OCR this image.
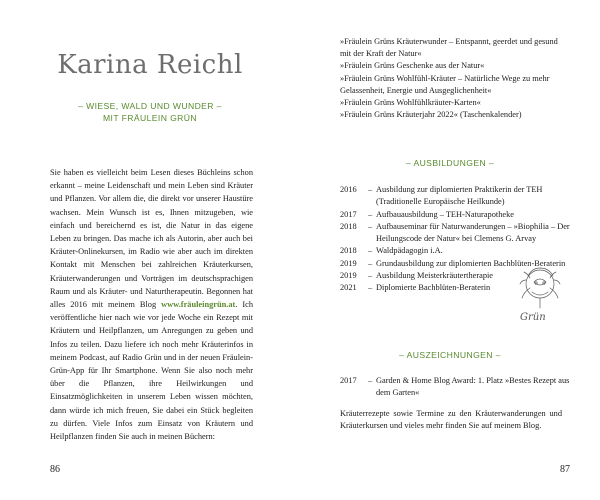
Karina Reichl
– WIESE, WALD UND WUNDER –
MIT FRÄULEIN GRÜN

Sie haben es vielleicht beim Lesen dieses Büchleins schon erkannt – meine Leidenschaft und mein Leben sind Kräuter und Pflanzen. Vor allem die, die direkt vor unserer Haustüre wachsen. Mein Wunsch ist es, Ihnen mitzugeben, wie einfach und bereichernd es ist, die Natur in das eigene Leben zu bringen. Das mache ich als Autorin, aber auch bei Kräuter-Onlinekursen, im Radio wie aber auch im direkten Kontakt mit Menschen bei zahlreichen Kräuterkursen, Kräuterwanderungen und Vorträgen im deutschsprachigen Raum und als Kräuter- und Naturtherapeutin. Begonnen hat alles 2016 mit meinem Blog www.fräuleingrün.at. Ich veröffentliche hier nach wie vor jede Woche ein Rezept mit Kräutern und Heilpflanzen, um Anregungen zu geben und Infos zu teilen. Dazu liefere ich noch mehr Kräuterinfos in meinem Podcast, auf Radio Grün und in der neuen Fräulein-Grün-App für Ihr Smartphone. Wenn Sie also noch mehr über die Pflanzen, ihre Heilwirkungen und Einsatzmöglichkeiten in unserem Leben wissen möchten, dann würde ich mich freuen, Sie dabei ein Stück begleiten zu dürfen. Viele Infos zum Einsatz von Kräutern und Heilpflanzen finden Sie auch in meinen Büchern:

86
»Fräulein Grüns Kräuterwunder – Entspannt, geerdet und gesund mit der Kraft der Natur«
»Fräulein Grüns Geschenke aus der Natur«
»Fräulein Grüns Wohlfühl-Kräuter – Natürliche Wege zu mehr Gelassenheit, Energie und Ausgeglichenheit«
»Fräulein Grüns Wohlfühlkräuter-Karten«
»Fräulein Grüns Kräuterjahr 2022« (Taschenkalender)
– AUSBILDUNGEN –
2016	– Ausbildung zur diplomierten Praktikerin der TEH (Traditionelle Europäische Heilkunde)
2017	– Aufbauausbildung – TEH-Naturapotheke
2018	– Aufbauseminar für Naturwanderungen – »Biophilia – Der Heilungscode der Natur« bei Clemens G. Arvay
2018	– Waldpädagogin i.A.
2019	– Grundausbildung zur diplomierten Bachblüten-Beraterin
2019	– Ausbildung Meisterkräutertherapie
2021	– Diplomierte Bachblüten-Beraterin
Grün
– AUSZEICHNUNGEN –
2017	– Garden & Home Blog Award: 1. Platz »Bestes Rezept aus dem Garten«

Kräuterrezepte sowie Termine zu den Kräuterwanderungen und Kräuterkursen und vieles mehr finden Sie auf meinem Blog.

87
